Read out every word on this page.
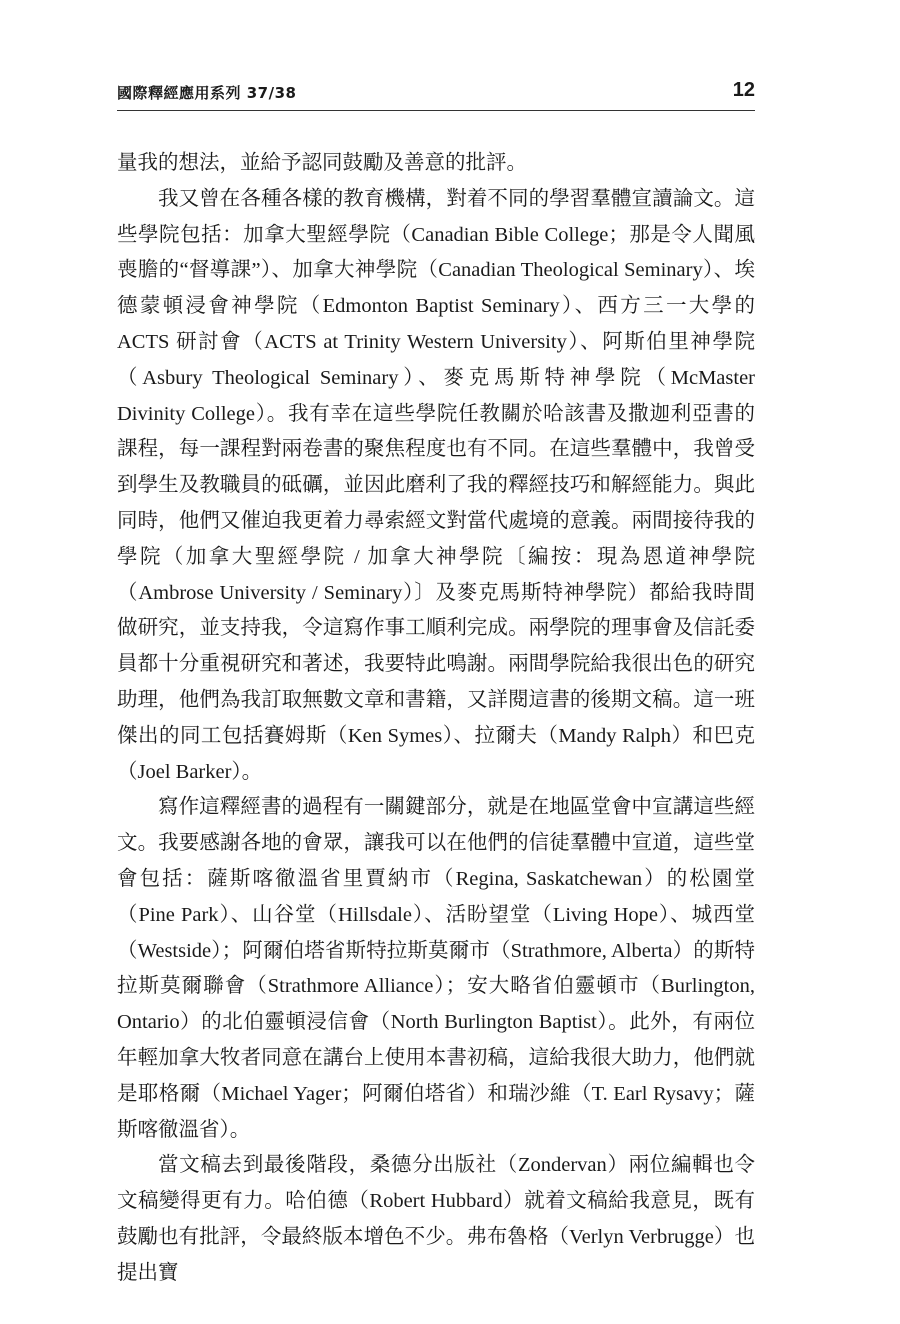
國際釋經應用系列 37/38	12

量我的想法，並給予認同鼓勵及善意的批評。

我又曾在各種各樣的教育機構，對着不同的學習羣體宣讀論文。這些學院包括：加拿大聖經學院（Canadian Bible College；那是令人聞風喪膽的“督導課”）、加拿大神學院（Canadian Theological Seminary）、埃德蒙頓浸會神學院（Edmonton Baptist Seminary）、西方三一大學的 ACTS 研討會（ACTS at Trinity Western University）、阿斯伯里神學院（Asbury Theological Seminary）、麥克馬斯特神學院（McMaster Divinity College）。我有幸在這些學院任教關於哈該書及撒迦利亞書的課程，每一課程對兩卷書的聚焦程度也有不同。在這些羣體中，我曾受到學生及教職員的砥礪，並因此磨利了我的釋經技巧和解經能力。與此同時，他們又催迫我更着力尋索經文對當代處境的意義。兩間接待我的學院（加拿大聖經學院 / 加拿大神學院〔編按：現為恩道神學院（Ambrose University / Seminary）〕及麥克馬斯特神學院）都給我時間做研究，並支持我，令這寫作事工順利完成。兩學院的理事會及信託委員都十分重視研究和著述，我要特此鳴謝。兩間學院給我很出色的研究助理，他們為我訂取無數文章和書籍，又詳閱這書的後期文稿。這一班傑出的同工包括賽姆斯（Ken Symes）、拉爾夫（Mandy Ralph）和巴克（Joel Barker）。

寫作這釋經書的過程有一關鍵部分，就是在地區堂會中宣講這些經文。我要感謝各地的會眾，讓我可以在他們的信徒羣體中宣道，這些堂會包括：薩斯喀徹溫省里賈納市（Regina, Saskatchewan）的松園堂（Pine Park）、山谷堂（Hillsdale）、活盼望堂（Living Hope）、城西堂（Westside）；阿爾伯塔省斯特拉斯莫爾市（Strathmore, Alberta）的斯特拉斯莫爾聯會（Strathmore Alliance）；安大略省伯靈頓市（Burlington, Ontario）的北伯靈頓浸信會（North Burlington Baptist）。此外，有兩位年輕加拿大牧者同意在講台上使用本書初稿，這給我很大助力，他們就是耶格爾（Michael Yager；阿爾伯塔省）和瑞沙維（T. Earl Rysavy；薩斯喀徹溫省）。

當文稿去到最後階段，桑德分出版社（Zondervan）兩位編輯也令文稿變得更有力。哈伯德（Robert Hubbard）就着文稿給我意見，既有鼓勵也有批評，令最終版本增色不少。弗布魯格（Verlyn Verbrugge）也提出寶
